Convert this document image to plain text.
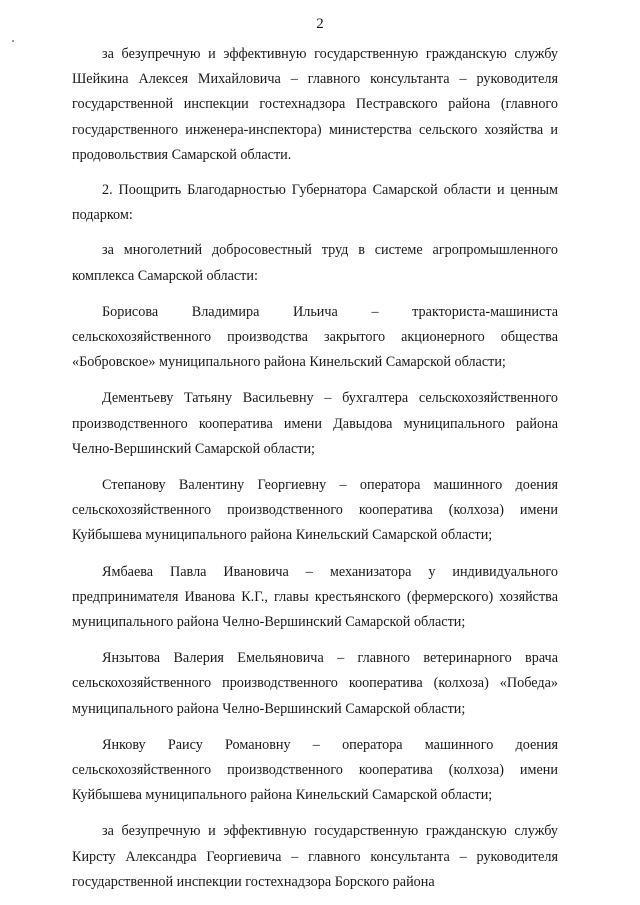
2

за безупречную и эффективную государственную гражданскую службу Шейкина Алексея Михайловича – главного консультанта – руководителя государственной инспекции гостехнадзора Пестравского района (главного государственного инженера-инспектора) министерства сельского хозяйства и продовольствия Самарской области.

2. Поощрить Благодарностью Губернатора Самарской области и ценным подарком:

за многолетний добросовестный труд в системе агропромышленного комплекса Самарской области:

Борисова Владимира Ильича – тракториста-машиниста сельскохозяйственного производства закрытого акционерного общества «Бобровское» муниципального района Кинельский Самарской области;

Дементьеву Татьяну Васильевну – бухгалтера сельскохозяйственного производственного кооператива имени Давыдова муниципального района Челно-Вершинский Самарской области;

Степанову Валентину Георгиевну – оператора машинного доения сельскохозяйственного производственного кооператива (колхоза) имени Куйбышева муниципального района Кинельский Самарской области;

Ямбаева Павла Ивановича – механизатора у индивидуального предпринимателя Иванова К.Г., главы крестьянского (фермерского) хозяйства муниципального района Челно-Вершинский Самарской области;

Янзытова Валерия Емельяновича – главного ветеринарного врача сельскохозяйственного производственного кооператива (колхоза) «Победа» муниципального района Челно-Вершинский Самарской области;

Янкову Раису Романовну – оператора машинного доения сельскохозяйственного производственного кооператива (колхоза) имени Куйбышева муниципального района Кинельский Самарской области;

за безупречную и эффективную государственную гражданскую службу Кирсту Александра Георгиевича – главного консультанта – руководителя государственной инспекции гостехнадзора Борского района
